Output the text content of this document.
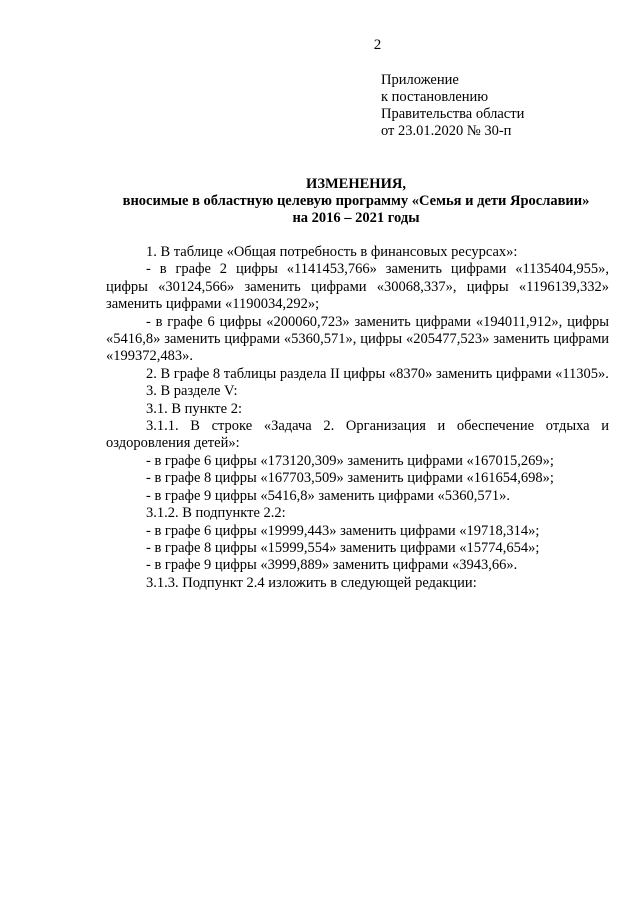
2
Приложение
к постановлению
Правительства области
от 23.01.2020 № 30-п
ИЗМЕНЕНИЯ,
вносимые в областную целевую программу «Семья и дети Ярославии»
на 2016 – 2021 годы

1. В таблице «Общая потребность в финансовых ресурсах»:

- в графе 2 цифры «1141453,766» заменить цифрами «1135404,955», цифры «30124,566» заменить цифрами «30068,337», цифры «1196139,332» заменить цифрами «1190034,292»;

- в графе 6 цифры «200060,723» заменить цифрами «194011,912», цифры «5416,8» заменить цифрами «5360,571», цифры «205477,523» заменить цифрами «199372,483».

2. В графе 8 таблицы раздела II цифры «8370» заменить цифрами «11305».

3. В разделе V:

3.1. В пункте 2:

3.1.1. В строке «Задача 2. Организация и обеспечение отдыха и оздоровления детей»:

- в графе 6 цифры «173120,309» заменить цифрами «167015,269»;

- в графе 8 цифры «167703,509» заменить цифрами «161654,698»;

- в графе 9 цифры «5416,8» заменить цифрами «5360,571».

3.1.2. В подпункте 2.2:

- в графе 6 цифры «19999,443» заменить цифрами «19718,314»;

- в графе 8 цифры «15999,554» заменить цифрами «15774,654»;

- в графе 9 цифры «3999,889» заменить цифрами «3943,66».

3.1.3. Подпункт 2.4 изложить в следующей редакции:
